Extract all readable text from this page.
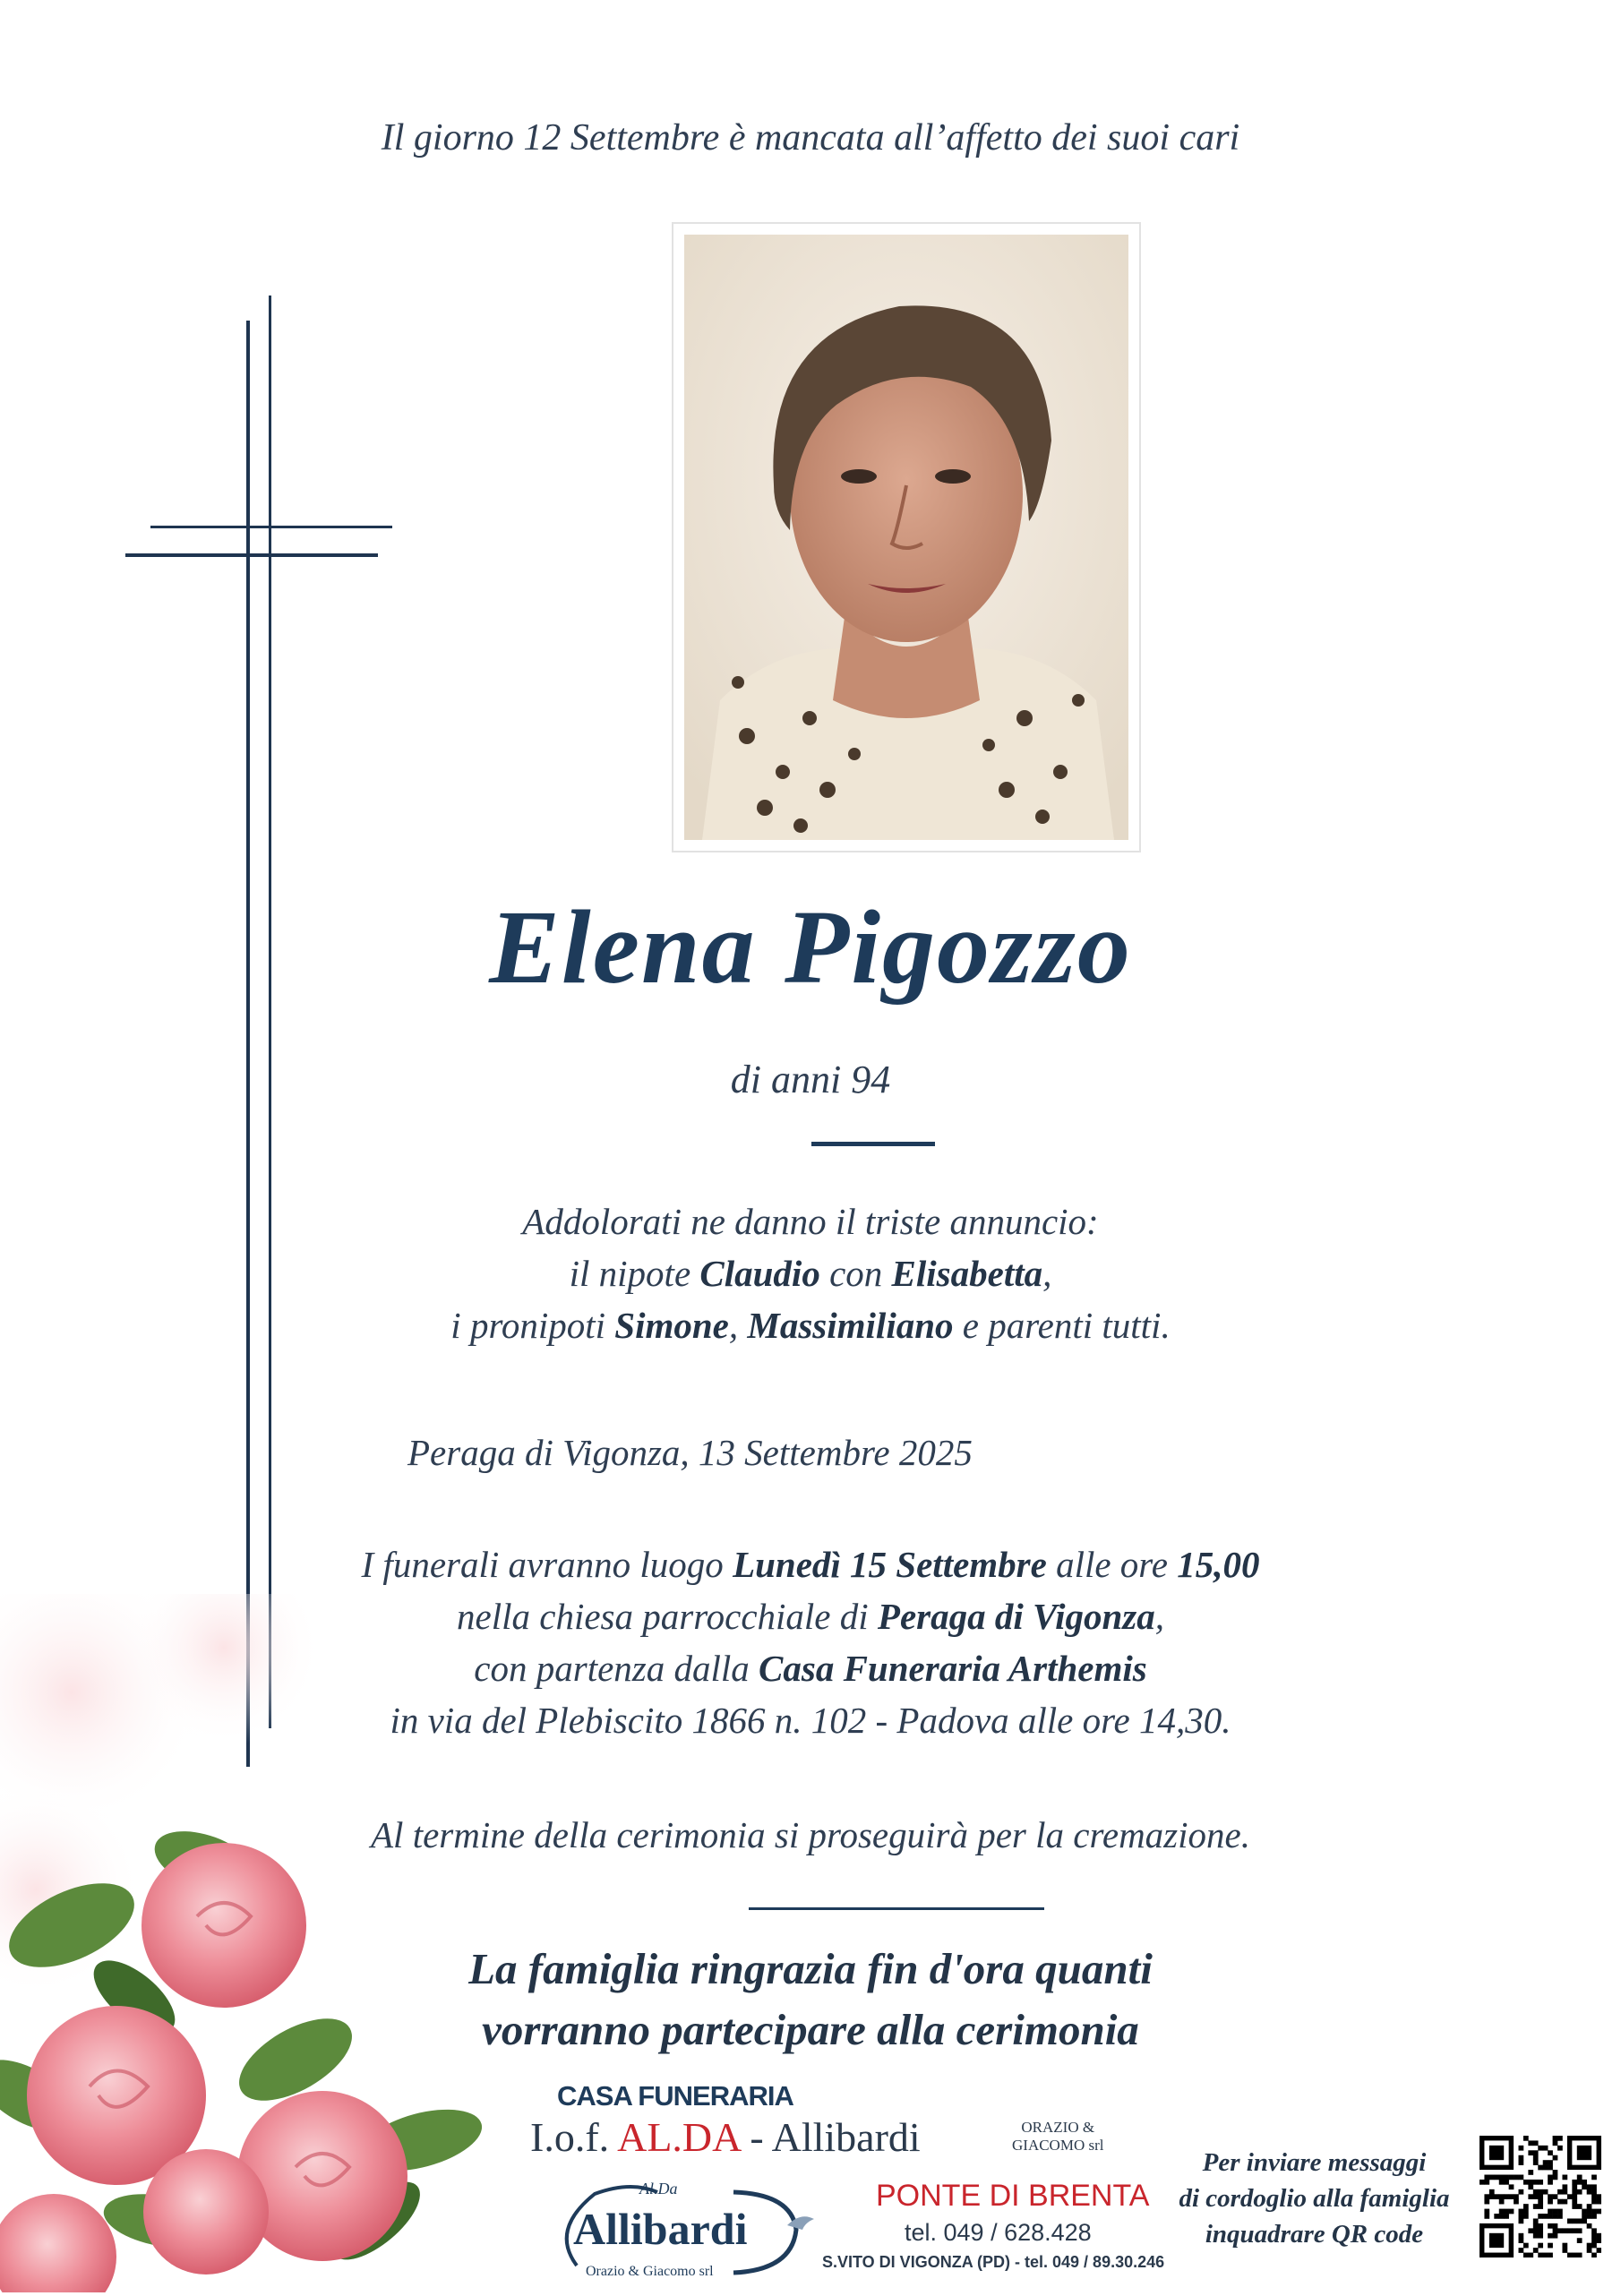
Il giorno 12 Settembre è mancata all’affetto dei suoi cari
Elena Pigozzo
di anni 94
Addolorati ne danno il triste annuncio:
il nipote Claudio con Elisabetta,
i pronipoti Simone, Massimiliano e parenti tutti.
Peraga di Vigonza, 13 Settembre 2025
I funerali avranno luogo Lunedì 15 Settembre alle ore 15,00
nella chiesa parrocchiale di Peraga di Vigonza,
con partenza dalla Casa Funeraria Arthemis
in via del Plebiscito 1866 n. 102 - Padova alle ore 14,30.
Al termine della cerimonia si proseguirà per la cremazione.
La famiglia ringrazia fin d'ora quanti
vorranno partecipare alla cerimonia
CASA FUNERARIA
I.o.f. AL.DA - Allibardi	ORAZIO &
GIACOMO srl
Al.Da
Allibardi
Orazio & Giacomo srl
PONTE DI BRENTA
tel. 049 / 628.428
S.VITO DI VIGONZA (PD) - tel. 049 / 89.30.246
Per inviare messaggi
di cordoglio alla famiglia
inquadrare QR code
